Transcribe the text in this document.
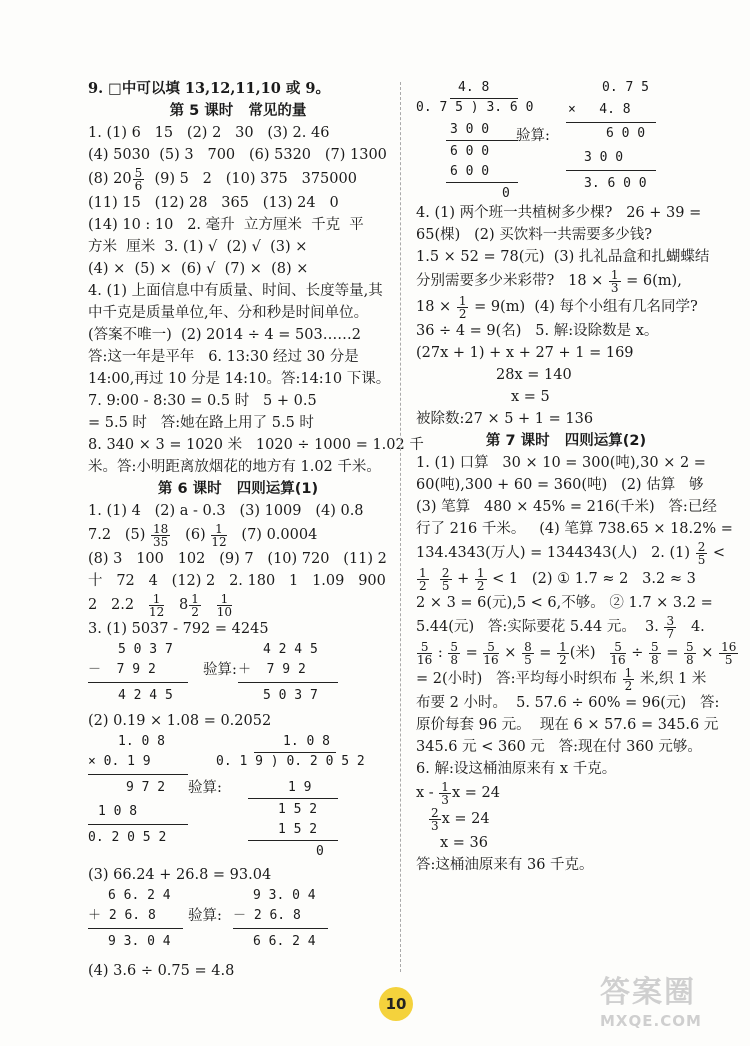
9. □中可以填 13,12,11,10 或 9。
第 5 课时   常见的量
1. (1) 6   15   (2) 2   30   (3) 2. 46
(4) 5030  (5) 3   700   (6) 5320   (7) 1300
(8) $20 \frac{5}{6} (9)$ 5   2   (10) 375   375000
(11) 15   (12) 28   365   (13) 24   0
(14) 10 : 10   2. 毫升  立方厘米  千克  平
方米  厘米  3. (1) √  (2) √  (3) ×
(4) ×  (5) ×  (6) √  (7) ×  (8) ×
4. (1) 上面信息中有质量、时间、长度等量,其
中千克是质量单位,年、分和秒是时间单位。
(答案不唯一)  (2) 2014 ÷ 4 = 503……2
答:这一年是平年   6. 13:30 经过 30 分是
14:00,再过 10 分是 14:10。答:14:10 下课。
7. 9:00 - 8:30 = 0.5 时   5 + 0.5
= 5.5 时   答:她在路上用了 5.5 时
8. 340 × 3 = 1020 米   1020 ÷ 1000 = 1.02 千
米。答:小明距离放烟花的地方有 1.02 千米。
第 6 课时   四则运算(1)
1. (1) 4   (2) a - 0.3   (3) 1009   (4) 0.8
7.2   $(5) \frac{18}{35} (6) \frac{1}{12} (7)$ 0.0004
(8) 3   100   102   (9) 7   (10) 720   (11) 2
十   72   4   (12) 2   2. 180   1   1.09   900
2   $2.2 \frac{1}{12} 8 \frac{1}{2}$
$\frac{1}{10}$
3. (1) 5037 - 792 = 4245
5 0 3 7
－  7 9 2
4 2 4 5
验算:
4 2 4 5
＋  7 9 2
5 0 3 7
(2) 0.19 × 1.08 = 0.2052
1. 0 8
× 0. 1 9
9 7 2
1 0 8
0. 2 0 5 2
1. 0 8
0. 1 9 ) 0. 2 0 5 2
验算:	1 9
1 5 2
1 5 2
0
(3) 66.24 + 26.8 = 93.04
6 6. 2 4
＋ 2 6. 8
9 3. 0 4
验算:
9 3. 0 4
－ 2 6. 8
6 6. 2 4
(4) 3.6 ÷ 0.75 = 4.8
4. 8
0. 7 5 ) 3. 6 0
3 0 0
6 0 0
6 0 0
0
0. 7 5
×   4. 8
6 0 0
验算:
3 0 0
3. 6 0 0
4. (1) 两个班一共植树多少棵?   26 + 39 =
65(棵)   (2) 买饮料一共需要多少钱?
1.5 × 52 = 78(元)  (3) 扎礼品盒和扎蝴蝶结
分别需要多少米彩带?   $18 \times \frac{1}{3} = 6(m)$,
$18 \times \frac{1}{2} = 9(m)$  (4) 每个小组有几名同学?
36 ÷ 4 = 9(名)   5. 解:设除数是 x。
(27x + 1) + x + 27 + 1 = 169
28x = 140
x = 5
被除数:27 × 5 + 1 = 136
第 7 课时   四则运算(2)
1. (1) 口算   30 × 10 = 300(吨),30 × 2 =
60(吨),300 + 60 = 360(吨)   (2) 估算   够
(3) 笔算   480 × 45% = 216(千米)   答:已经
行了 216 千米。   (4) 笔算 738.65 × 18.2% =
134.4343(万人) = 1344343(人)   2. $(1) \frac{2}{5}$ <
$\frac{1}{2}$
$\frac{2}{5} + \frac{1}{2} < 1$   (2) ① 1.7 ≈ 2   3.2 ≈ 3
2 × 3 = 6(元),5 < 6,不够。 ② 1.7 × 3.2 =
5.44(元)   答:实际要花 5.44 元。  3. $\frac{3}{7} 4$.
$\frac{5}{16}$ : $\frac{5}{8} = \frac{5}{16} \times \frac{8}{5} = \frac{1}{2}$ (米) $\frac{5}{16} \div \frac{5}{8} = \frac{5}{8} \times \frac{16}{5}$
= 2(小时)   答:平均每小时织布 $\frac{1}{2}$ 米,织 1 米
布要 2 小时。  5. 57.6 ÷ 60% = 96(元)   答:
原价每套 96 元。  现在 6 × 57.6 = 345.6 元
345.6 元 < 360 元   答:现在付 360 元够。
6. 解:设这桶油原来有 x 千克。
x - $\frac{1}{3}$ x = 24
$\frac{2}{3}$ x = 24
x = 36
答:这桶油原来有 36 千克。
10	答案圈
MXQE.COM
